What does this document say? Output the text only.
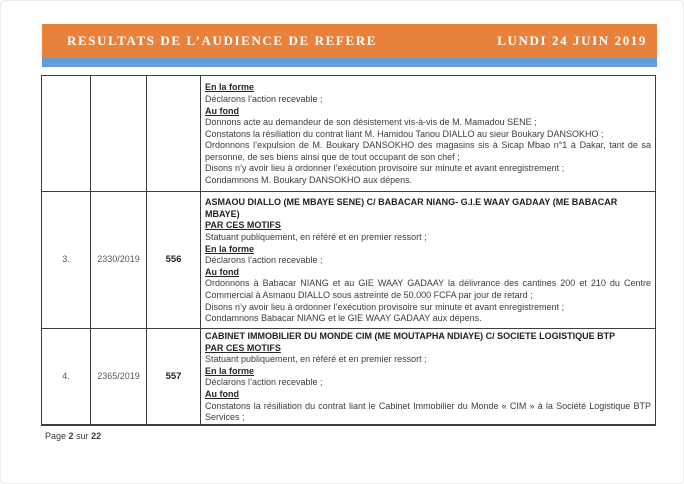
RESULTATS DE L’AUDIENCE DE REFERE	LUNDI 24 JUIN 2019

En la forme
Déclarons l’action recevable ;
Au fond
Donnons acte au demandeur de son désistement vis-à-vis de M. Mamadou SENE ;
Constatons la résiliation du contrat liant M. Hamidou Tanou DIALLO au sieur Boukary DANSOKHO ;
Ordonnons l’expulsion de M. Boukary DANSOKHO des magasins sis à Sicap Mbao n°1 à Dakar, tant de sa personne, de ses biens ainsi que de tout occupant de son chef ;
Disons n’y avoir lieu à ordonner l’exécution provisoire sur minute et avant enregistrement ;
Condamnons M. Boukary DANSOKHO aux dépens.

3.	2330/2019	556	
ASMAOU DIALLO (ME MBAYE SENE) C/ BABACAR NIANG- G.I.E WAAY GADAAY (ME BABACAR MBAYE)
PAR CES MOTIFS
Statuant publiquement, en référé et en premier ressort ;
En la forme
Déclarons l’action recevable ;
Au fond
Ordonnons à Babacar NIANG et au GIE WAAY GADAAY la délivrance des cantines 200 et 210 du Centre Commercial à Asmaou DIALLO sous astreinte de 50.000 FCFA par jour de retard ;
Disons n’y avoir lieu à ordonner l’exécution provisoire sur minute et avant enregistrement ;
Condamnons Babacar NIANG et le GIE WAAY GADAAY aux dépens.

4.	2365/2019	557	
CABINET IMMOBILIER DU MONDE CIM (ME MOUTAPHA NDIAYE) C/ SOCIETE LOGISTIQUE BTP
PAR CES MOTIFS
Statuant publiquement, en référé et en premier ressort ;
En la forme
Déclarons l’action recevable ;
Au fond
Constatons la résiliation du contrat liant le Cabinet Immobilier du Monde « CIM » à la Société Logistique BTP Services ;
Page 2 sur 22
